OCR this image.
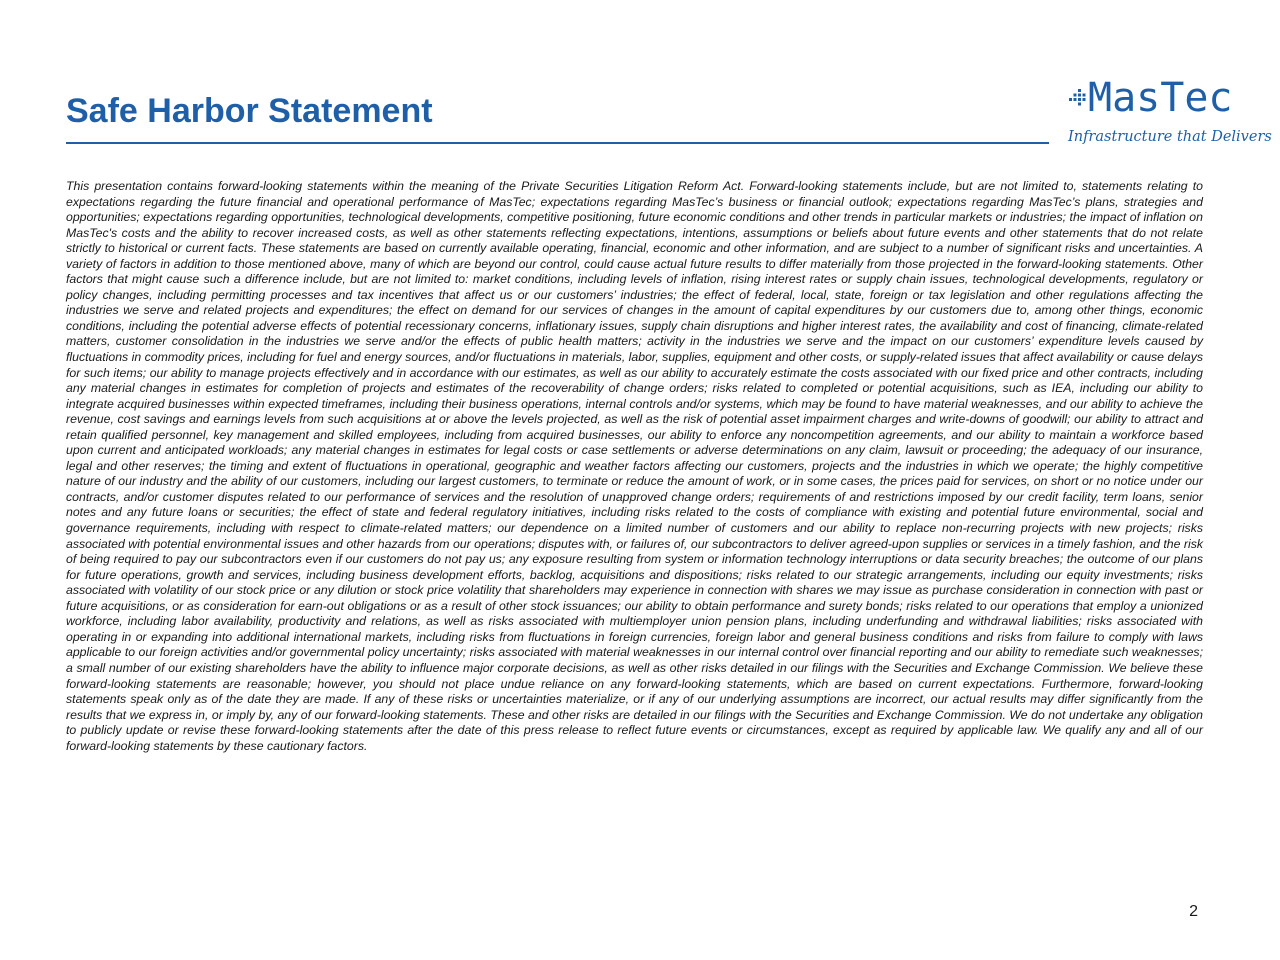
Safe Harbor Statement	MasTec
Infrastructure that Delivers

This presentation contains forward-looking statements within the meaning of the Private Securities Litigation Reform Act. Forward-looking statements include, but are not limited to, statements relating to expectations regarding the future financial and operational performance of MasTec; expectations regarding MasTec’s business or financial outlook; expectations regarding MasTec’s plans, strategies and opportunities; expectations regarding opportunities, technological developments, competitive positioning, future economic conditions and other trends in particular markets or industries; the impact of inflation on MasTec's costs and the ability to recover increased costs, as well as other statements reflecting expectations, intentions, assumptions or beliefs about future events and other statements that do not relate strictly to historical or current facts. These statements are based on currently available operating, financial, economic and other information, and are subject to a number of significant risks and uncertainties. A variety of factors in addition to those mentioned above, many of which are beyond our control, could cause actual future results to differ materially from those projected in the forward-looking statements. Other factors that might cause such a difference include, but are not limited to: market conditions, including levels of inflation, rising interest rates or supply chain issues, technological developments, regulatory or policy changes, including permitting processes and tax incentives that affect us or our customers’ industries; the effect of federal, local, state, foreign or tax legislation and other regulations affecting the industries we serve and related projects and expenditures; the effect on demand for our services of changes in the amount of capital expenditures by our customers due to, among other things, economic conditions, including the potential adverse effects of potential recessionary concerns, inflationary issues, supply chain disruptions and higher interest rates, the availability and cost of financing, climate-related matters, customer consolidation in the industries we serve and/or the effects of public health matters; activity in the industries we serve and the impact on our customers’ expenditure levels caused by fluctuations in commodity prices, including for fuel and energy sources, and/or fluctuations in materials, labor, supplies, equipment and other costs, or supply-related issues that affect availability or cause delays for such items; our ability to manage projects effectively and in accordance with our estimates, as well as our ability to accurately estimate the costs associated with our fixed price and other contracts, including any material changes in estimates for completion of projects and estimates of the recoverability of change orders; risks related to completed or potential acquisitions, such as IEA, including our ability to integrate acquired businesses within expected timeframes, including their business operations, internal controls and/or systems, which may be found to have material weaknesses, and our ability to achieve the revenue, cost savings and earnings levels from such acquisitions at or above the levels projected, as well as the risk of potential asset impairment charges and write-downs of goodwill; our ability to attract and retain qualified personnel, key management and skilled employees, including from acquired businesses, our ability to enforce any noncompetition agreements, and our ability to maintain a workforce based upon current and anticipated workloads; any material changes in estimates for legal costs or case settlements or adverse determinations on any claim, lawsuit or proceeding; the adequacy of our insurance, legal and other reserves; the timing and extent of fluctuations in operational, geographic and weather factors affecting our customers, projects and the industries in which we operate; the highly competitive nature of our industry and the ability of our customers, including our largest customers, to terminate or reduce the amount of work, or in some cases, the prices paid for services, on short or no notice under our contracts, and/or customer disputes related to our performance of services and the resolution of unapproved change orders; requirements of and restrictions imposed by our credit facility, term loans, senior notes and any future loans or securities; the effect of state and federal regulatory initiatives, including risks related to the costs of compliance with existing and potential future environmental, social and governance requirements, including with respect to climate-related matters; our dependence on a limited number of customers and our ability to replace non-recurring projects with new projects; risks associated with potential environmental issues and other hazards from our operations; disputes with, or failures of, our subcontractors to deliver agreed-upon supplies or services in a timely fashion, and the risk of being required to pay our subcontractors even if our customers do not pay us; any exposure resulting from system or information technology interruptions or data security breaches; the outcome of our plans for future operations, growth and services, including business development efforts, backlog, acquisitions and dispositions; risks related to our strategic arrangements, including our equity investments; risks associated with volatility of our stock price or any dilution or stock price volatility that shareholders may experience in connection with shares we may issue as purchase consideration in connection with past or future acquisitions, or as consideration for earn-out obligations or as a result of other stock issuances; our ability to obtain performance and surety bonds; risks related to our operations that employ a unionized workforce, including labor availability, productivity and relations, as well as risks associated with multiemployer union pension plans, including underfunding and withdrawal liabilities; risks associated with operating in or expanding into additional international markets, including risks from fluctuations in foreign currencies, foreign labor and general business conditions and risks from failure to comply with laws applicable to our foreign activities and/or governmental policy uncertainty; risks associated with material weaknesses in our internal control over financial reporting and our ability to remediate such weaknesses; a small number of our existing shareholders have the ability to influence major corporate decisions, as well as other risks detailed in our filings with the Securities and Exchange Commission. We believe these forward-looking statements are reasonable; however, you should not place undue reliance on any forward-looking statements, which are based on current expectations. Furthermore, forward-looking statements speak only as of the date they are made. If any of these risks or uncertainties materialize, or if any of our underlying assumptions are incorrect, our actual results may differ significantly from the results that we express in, or imply by, any of our forward-looking statements. These and other risks are detailed in our filings with the Securities and Exchange Commission. We do not undertake any obligation to publicly update or revise these forward-looking statements after the date of this press release to reflect future events or circumstances, except as required by applicable law. We qualify any and all of our forward-looking statements by these cautionary factors.

2
